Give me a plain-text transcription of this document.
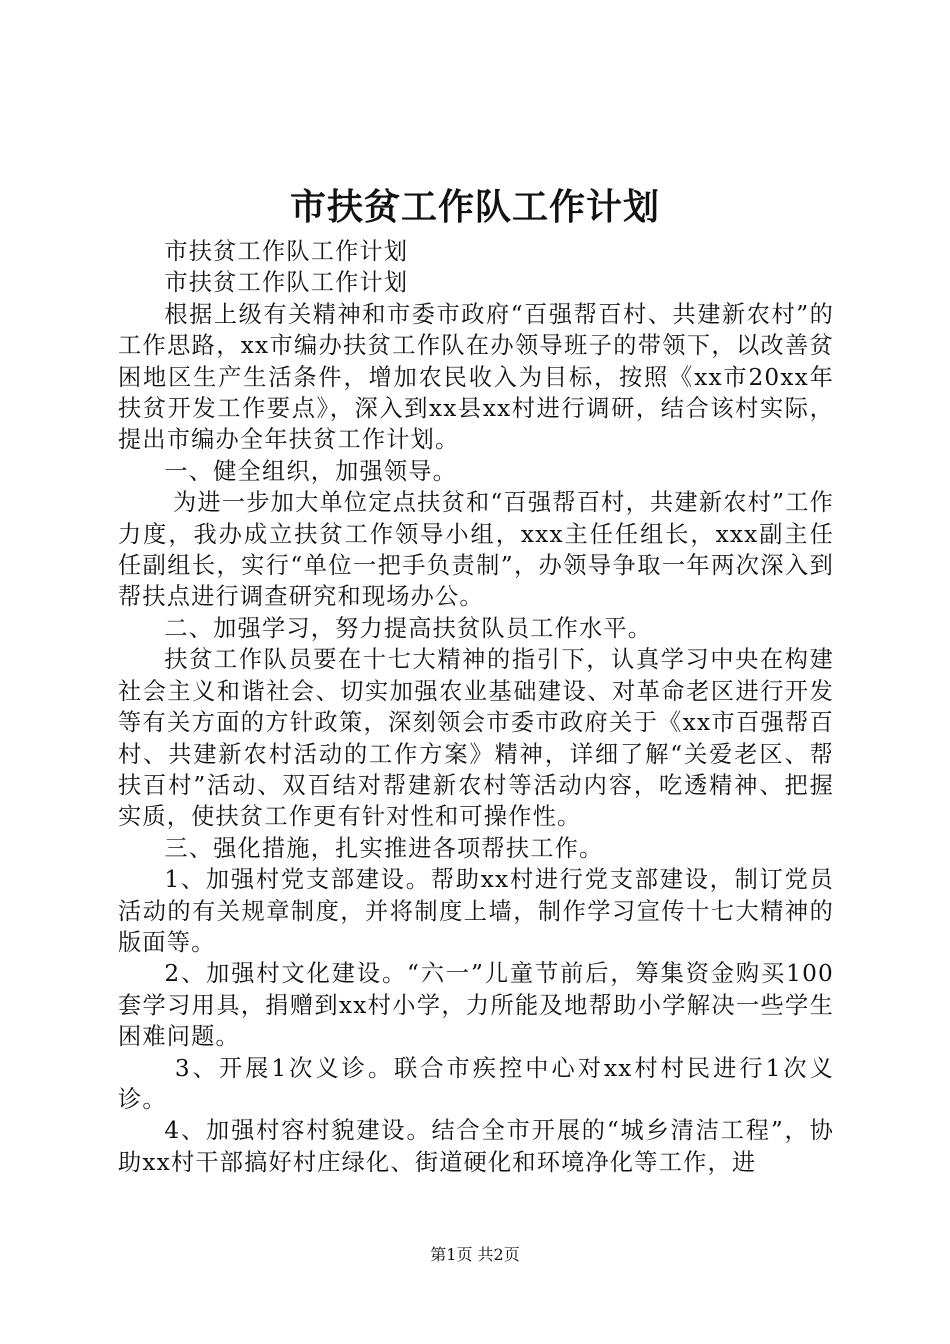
市扶贫工作队工作计划

市扶贫工作队工作计划

市扶贫工作队工作计划

根据上级有关精神和市委市政府“百强帮百村、共建新农村”的工作思路，xx市编办扶贫工作队在办领导班子的带领下，以改善贫困地区生产生活条件，增加农民收入为目标，按照《xx市20xx年扶贫开发工作要点》，深入到xx县xx村进行调研，结合该村实际，提出市编办全年扶贫工作计划。

一、健全组织，加强领导。

为进一步加大单位定点扶贫和“百强帮百村，共建新农村”工作力度，我办成立扶贫工作领导小组，xxx主任任组长，xxx副主任任副组长，实行“单位一把手负责制”，办领导争取一年两次深入到帮扶点进行调查研究和现场办公。

二、加强学习，努力提高扶贫队员工作水平。

扶贫工作队员要在十七大精神的指引下，认真学习中央在构建社会主义和谐社会、切实加强农业基础建设、对革命老区进行开发等有关方面的方针政策，深刻领会市委市政府关于《xx市百强帮百村、共建新农村活动的工作方案》精神，详细了解“关爱老区、帮扶百村”活动、双百结对帮建新农村等活动内容，吃透精神、把握实质，使扶贫工作更有针对性和可操作性。

三、强化措施，扎实推进各项帮扶工作。

1、加强村党支部建设。帮助xx村进行党支部建设，制订党员活动的有关规章制度，并将制度上墙，制作学习宣传十七大精神的版面等。

2、加强村文化建设。“六一”儿童节前后，筹集资金购买100套学习用具，捐赠到xx村小学，力所能及地帮助小学解决一些学生困难问题。

3、开展1次义诊。联合市疾控中心对xx村村民进行1次义诊。

4、加强村容村貌建设。结合全市开展的“城乡清洁工程”，协助xx村干部搞好村庄绿化、街道硬化和环境净化等工作，进

第1页 共2页
